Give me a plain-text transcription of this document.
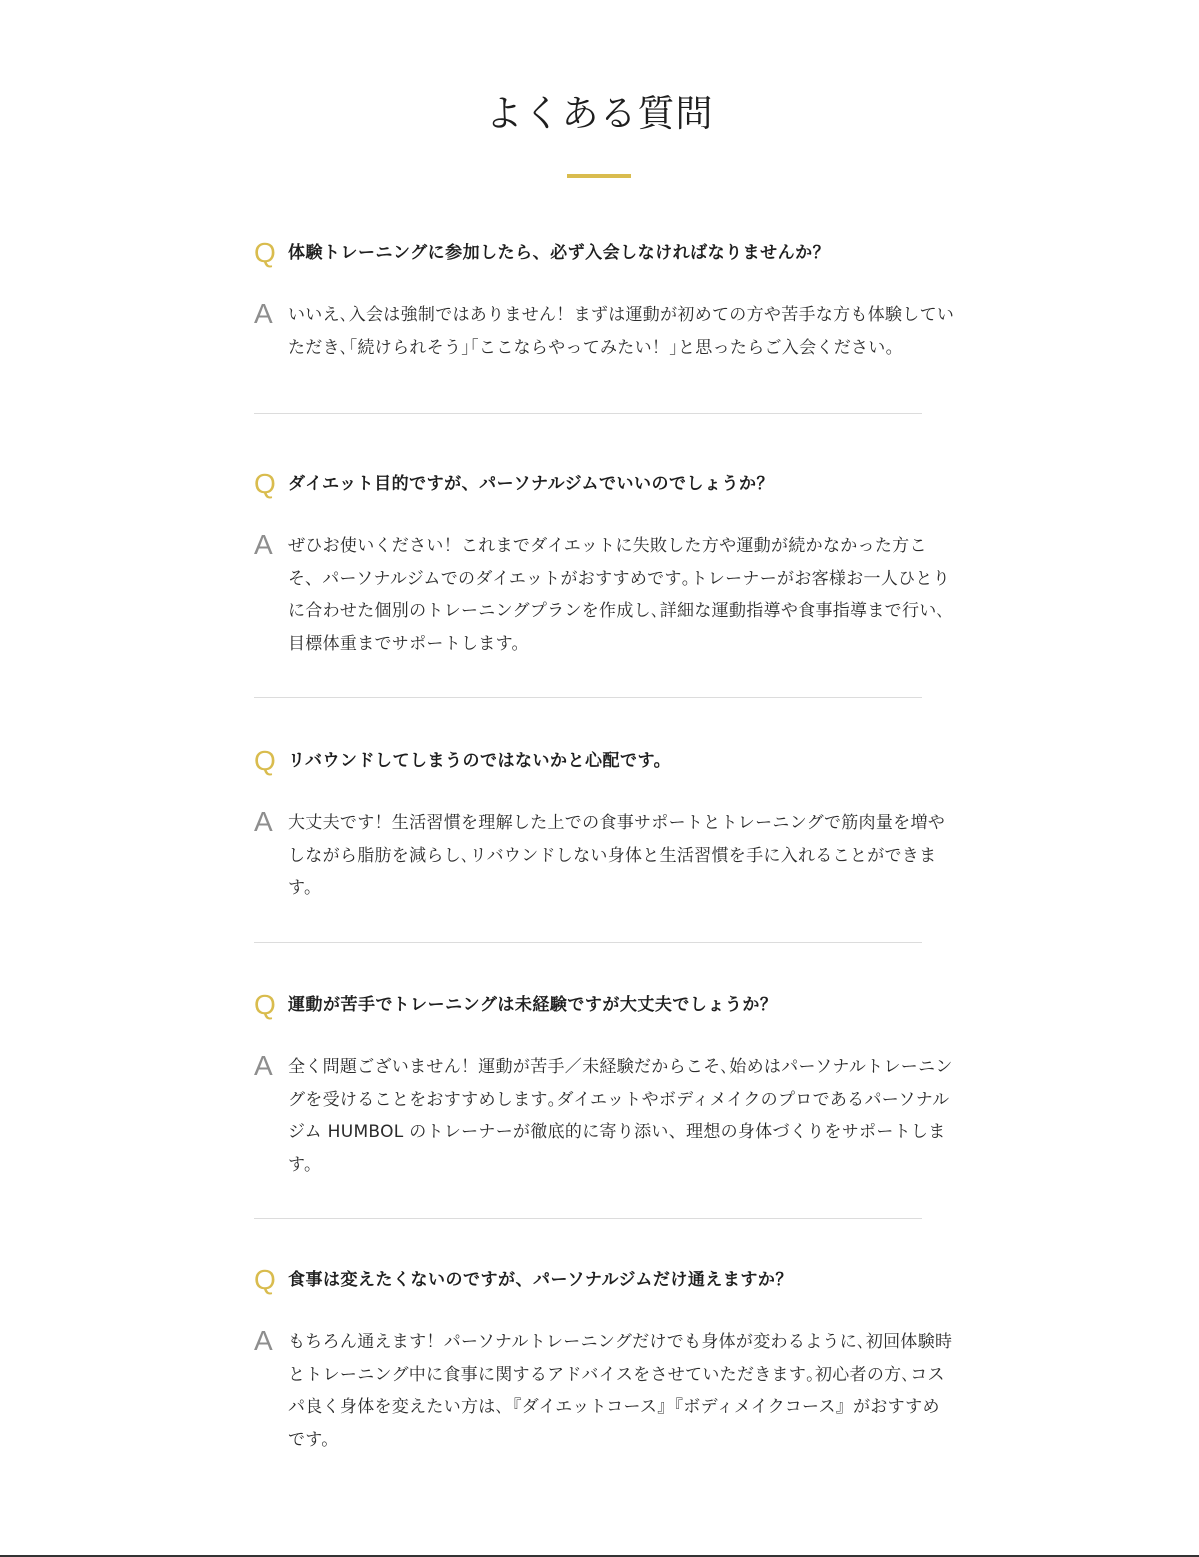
よくある質問
Q 体験トレーニングに参加したら、必ず入会しなければなりませんか？
A いいえ､入会は強制ではありません！まずは運動が初めての方や苦手な方も体験していただき､｢続けられそう｣｢ここならやってみたい！｣と思ったらご入会ください。
Q ダイエット目的ですが、パーソナルジムでいいのでしょうか？
A ぜひお使いください！これまでダイエットに失敗した方や運動が続かなかった方こそ、パーソナルジムでのダイエットがおすすめです｡トレーナーがお客様お一人ひとりに合わせた個別のトレーニングプランを作成し､詳細な運動指導や食事指導まで行い､目標体重までサポートします。
Q リバウンドしてしまうのではないかと心配です。
A 大丈夫です！生活習慣を理解した上での食事サポートとトレーニングで筋肉量を増やしながら脂肪を減らし､リバウンドしない身体と生活習慣を手に入れることができます。
Q 運動が苦手でトレーニングは未経験ですが大丈夫でしょうか？
A 全く問題ございません！運動が苦手／未経験だからこそ､始めはパーソナルトレーニングを受けることをおすすめします｡ダイエットやボディメイクのプロであるパーソナルジム HUMBOL のトレーナーが徹底的に寄り添い、理想の身体づくりをサポートします。
Q 食事は変えたくないのですが、パーソナルジムだけ通えますか？
A もちろん通えます！パーソナルトレーニングだけでも身体が変わるように､初回体験時とトレーニング中に食事に関するアドバイスをさせていただきます｡初心者の方､コスパ良く身体を変えたい方は､『ダイエットコース』『ボディメイクコース』がおすすめです。
